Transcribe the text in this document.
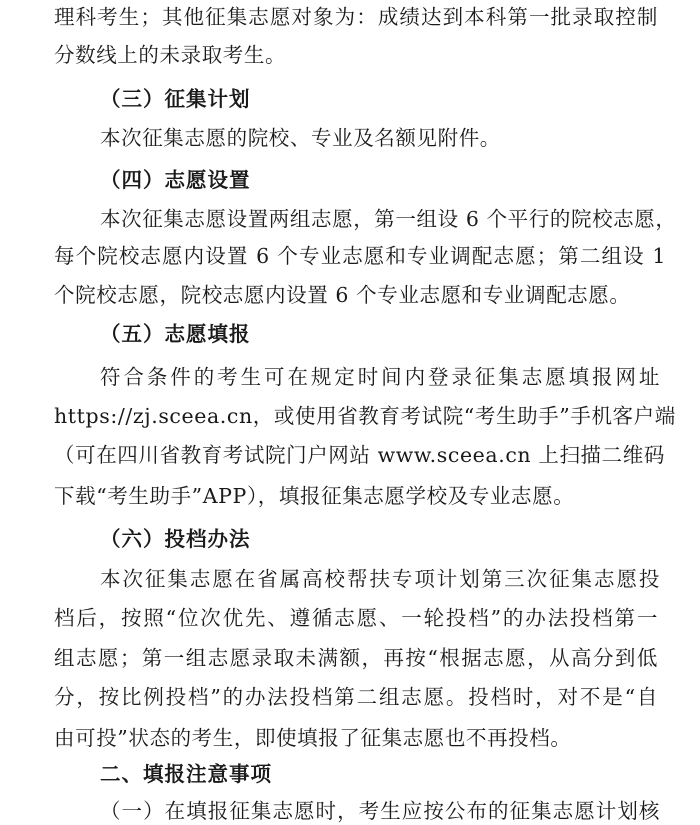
理科考生；其他征集志愿对象为：成绩达到本科第一批录取控制
分数线上的未录取考生。
（三）征集计划
本次征集志愿的院校、专业及名额见附件。
（四）志愿设置
本次征集志愿设置两组志愿，第一组设 6 个平行的院校志愿，
每个院校志愿内设置 6 个专业志愿和专业调配志愿；第二组设 1
个院校志愿，院校志愿内设置 6 个专业志愿和专业调配志愿。
（五）志愿填报
符合条件的考生可在规定时间内登录征集志愿填报网址
https://zj.sceea.cn，或使用省教育考试院“考生助手”手机客户端
（可在四川省教育考试院门户网站 www.sceea.cn 上扫描二维码
下载“考生助手”APP），填报征集志愿学校及专业志愿。
（六）投档办法
本次征集志愿在省属高校帮扶专项计划第三次征集志愿投
档后，按照“位次优先、遵循志愿、一轮投档”的办法投档第一
组志愿；第一组志愿录取未满额，再按“根据志愿，从高分到低
分，按比例投档”的办法投档第二组志愿。投档时，对不是“自
由可投”状态的考生，即使填报了征集志愿也不再投档。
二、填报注意事项
（一）在填报征集志愿时，考生应按公布的征集志愿计划核
